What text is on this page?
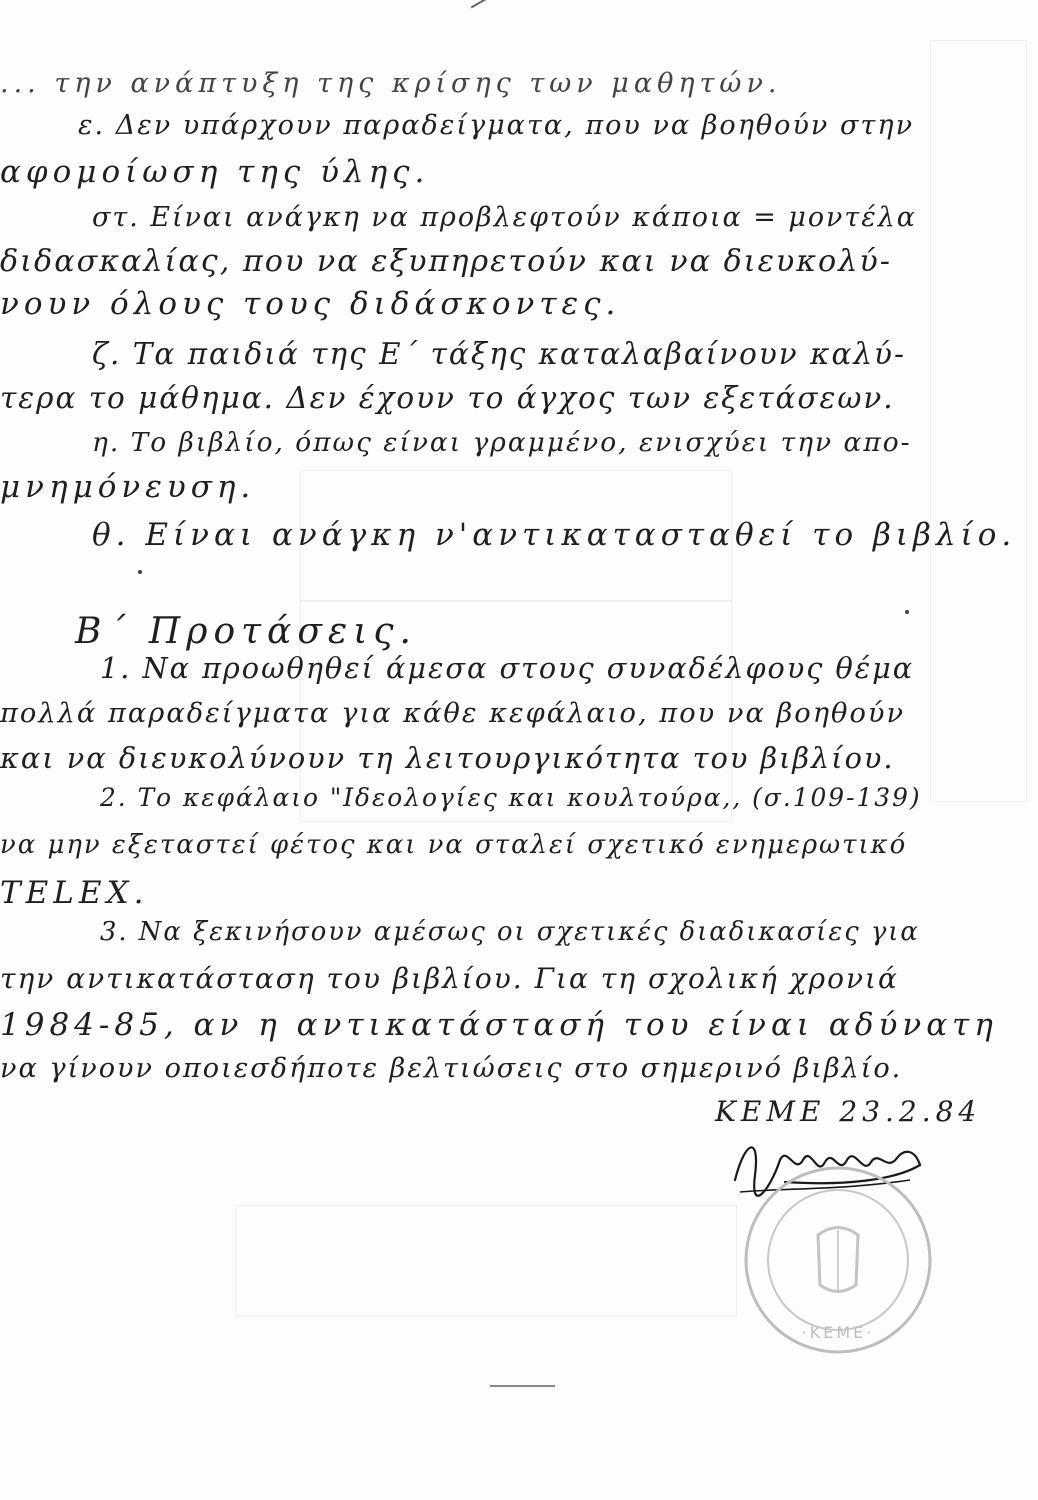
... την ανάπτυξη της κρίσης των μαθητών.
ε. Δεν υπάρχουν παραδείγματα, που να βοηθούν στην
αφομοίωση της ύλης.
στ. Είναι ανάγκη να προβλεφτούν κάποια = μοντέλα
διδασκαλίας, που να εξυπηρετούν και να διευκολύ-
νουν όλους τους διδάσκοντες.
ζ. Τα παιδιά της Ε΄ τάξης καταλαβαίνουν καλύ-
τερα το μάθημα. Δεν έχουν το άγχος των εξετάσεων.
η. Το βιβλίο, όπως είναι γραμμένο, ενισχύει την απο-
μνημόνευση.
θ. Είναι ανάγκη ν'αντικατασταθεί το βιβλίο.
Β΄ Προτάσεις.
1. Να προωθηθεί άμεσα στους συναδέλφους θέμα
πολλά παραδείγματα για κάθε κεφάλαιο, που να βοηθούν
και να διευκολύνουν τη λειτουργικότητα του βιβλίου.
2. Το κεφάλαιο "Ιδεολογίες και κουλτούρα,, (σ.109-139)
να μην εξεταστεί φέτος και να σταλεί σχετικό ενημερωτικό
TELEX.
3. Να ξεκινήσουν αμέσως οι σχετικές διαδικασίες για
την αντικατάσταση του βιβλίου. Για τη σχολική χρονιά
1984-85, αν η αντικατάστασή του είναι αδύνατη
να γίνουν οποιεσδήποτε βελτιώσεις στο σημερινό βιβλίο.
ΚΕΜΕ 23.2.84
·ΚΕΜΕ·
